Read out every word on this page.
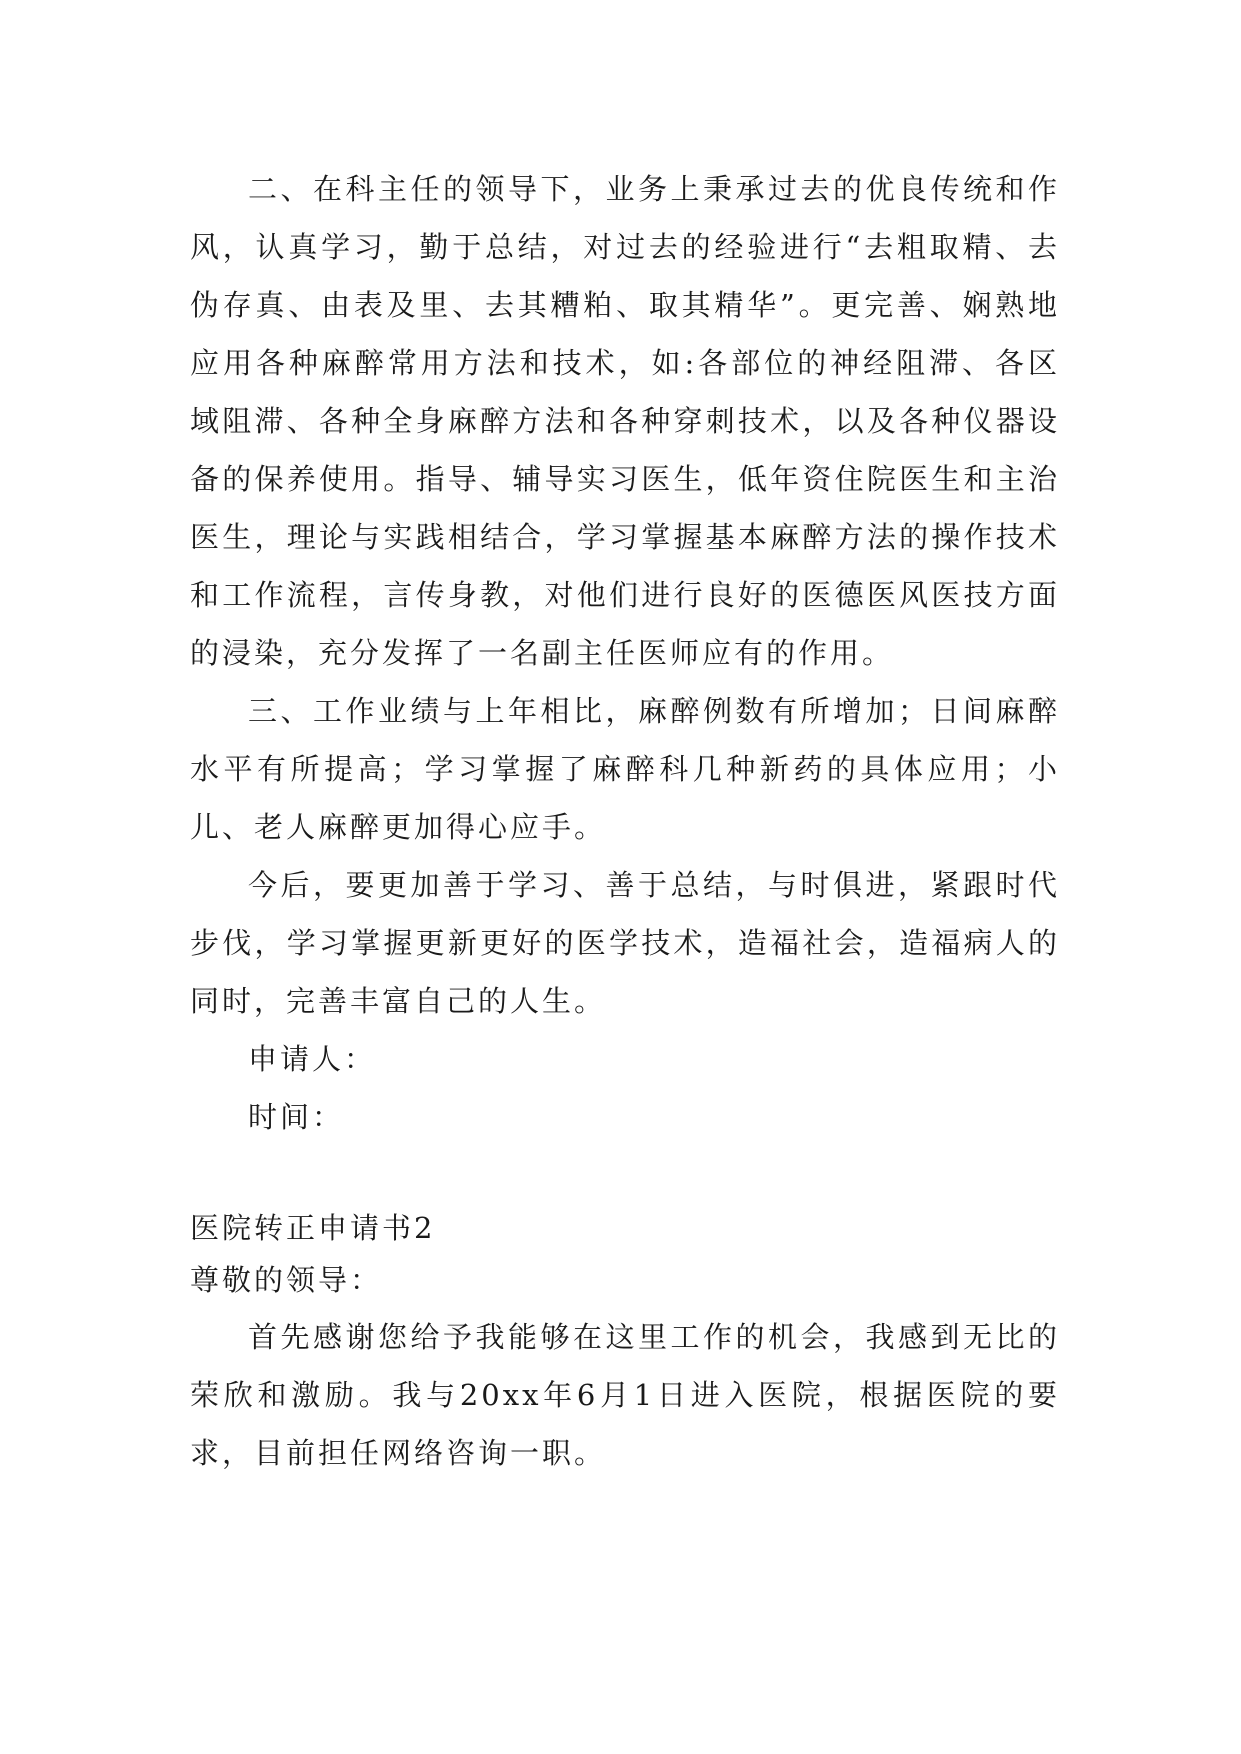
二、在科主任的领导下，业务上秉承过去的优良传统和作风，认真学习，勤于总结，对过去的经验进行“去粗取精、去伪存真、由表及里、去其糟粕、取其精华”。更完善、娴熟地应用各种麻醉常用方法和技术，如:各部位的神经阻滞、各区域阻滞、各种全身麻醉方法和各种穿刺技术，以及各种仪器设备的保养使用。指导、辅导实习医生，低年资住院医生和主治医生，理论与实践相结合，学习掌握基本麻醉方法的操作技术和工作流程，言传身教，对他们进行良好的医德医风医技方面的浸染，充分发挥了一名副主任医师应有的作用。

三、工作业绩与上年相比，麻醉例数有所增加；日间麻醉水平有所提高；学习掌握了麻醉科几种新药的具体应用；小儿、老人麻醉更加得心应手。

今后，要更加善于学习、善于总结，与时俱进，紧跟时代步伐，学习掌握更新更好的医学技术，造福社会，造福病人的同时，完善丰富自己的人生。

申请人：

时间：

医院转正申请书2

尊敬的领导：

首先感谢您给予我能够在这里工作的机会，我感到无比的荣欣和激励。我与20xx年6月1日进入医院，根据医院的要求，目前担任网络咨询一职。
